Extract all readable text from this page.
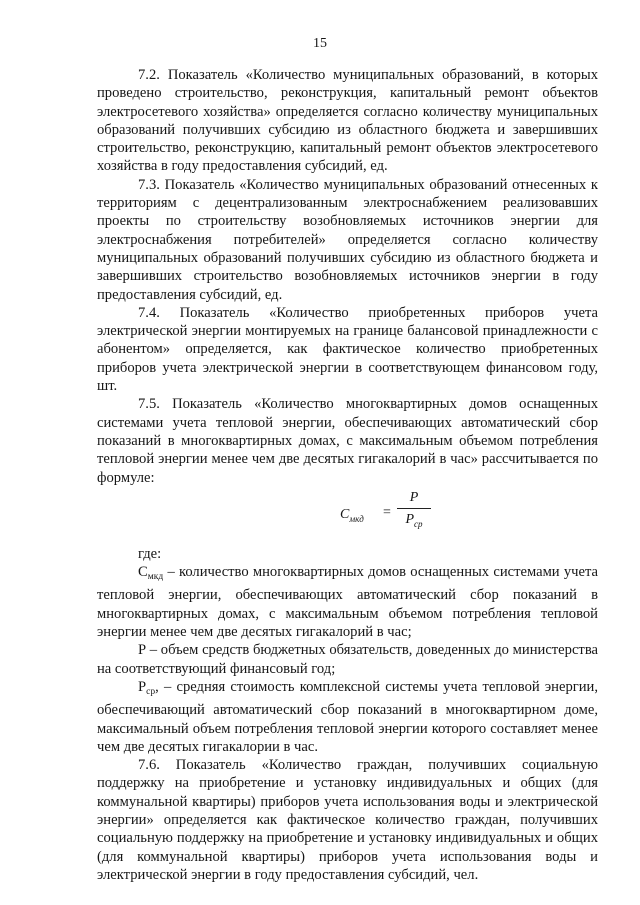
15

7.2. Показатель «Количество муниципальных образований, в которых проведено строительство, реконструкция, капитальный ремонт объектов электросетевого хозяйства» определяется согласно количеству муниципальных образований получивших субсидию из областного бюджета и завершивших строительство, реконструкцию, капитальный ремонт объектов электросетевого хозяйства в году предоставления субсидий, ед.

7.3. Показатель «Количество муниципальных образований отнесенных к территориям с децентрализованным электроснабжением реализовавших проекты по строительству возобновляемых источников энергии для электроснабжения потребителей» определяется согласно количеству муниципальных образований получивших субсидию из областного бюджета и завершивших строительство возобновляемых источников энергии в году предоставления субсидий, ед.

7.4. Показатель «Количество приобретенных приборов учета электрической энергии монтируемых на границе балансовой принадлежности с абонентом» определяется, как фактическое количество приобретенных приборов учета электрической энергии в соответствующем финансовом году, шт.

7.5. Показатель «Количество многоквартирных домов оснащенных системами учета тепловой энергии, обеспечивающих автоматический сбор показаний в многоквартирных домах, с максимальным объемом потребления тепловой энергии менее чем две десятых гигакалорий в час» рассчитывается по формуле:

$C_{мкд}$ =
P
$P_{ср}$

где:

$С_{мкд}$ – количество многоквартирных домов оснащенных системами учета тепловой энергии, обеспечивающих автоматический сбор показаний в многоквартирных домах, с максимальным объемом потребления тепловой энергии менее чем две десятых гигакалорий в час;

Р – объем средств бюджетных обязательств, доведенных до министерства на соответствующий финансовый год;

$Р_{ср}$, – средняя стоимость комплексной системы учета тепловой энергии, обеспечивающий автоматический сбор показаний в многоквартирном доме, максимальный объем потребления тепловой энергии которого составляет менее чем две десятых гигакалории в час.

7.6. Показатель «Количество граждан, получивших социальную поддержку на приобретение и установку индивидуальных и общих (для коммунальной квартиры) приборов учета использования воды и электрической энергии» определяется как фактическое количество граждан, получивших социальную поддержку на приобретение и установку индивидуальных и общих (для коммунальной квартиры) приборов учета использования воды и электрической энергии в году предоставления субсидий, чел.
